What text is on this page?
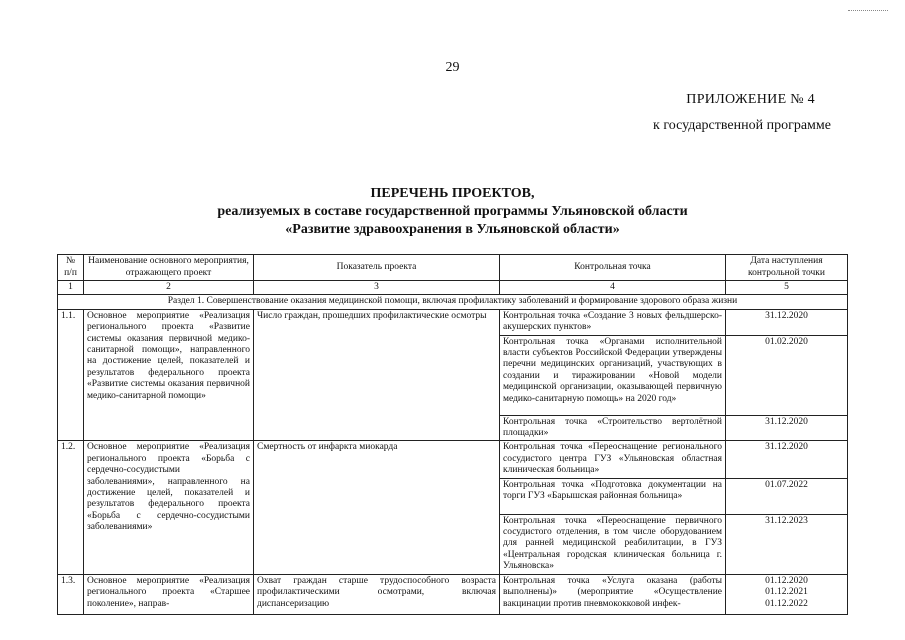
29
ПРИЛОЖЕНИЕ № 4
к государственной программе
ПЕРЕЧЕНЬ ПРОЕКТОВ,
реализуемых в составе государственной программы Ульяновской области
«Развитие здравоохранения в Ульяновской области»
№ п/п	Наименование основного мероприятия, отражающего проект	Показатель проекта	Контрольная точка	Дата наступления контрольной точки
1	2	3	4	5
Раздел 1. Совершенствование оказания медицинской помощи, включая профилактику заболеваний и формирование здорового образа жизни				
1.1.	Основное мероприятие «Реализация регионального проекта «Развитие системы оказания первичной медико-санитарной помощи», направленного на достижение целей, показателей и результатов федерального проекта «Развитие системы оказания первичной медико-санитарной помощи»	Число граждан, прошедших профилактические осмотры	Контрольная точка «Создание 3 новых фельдшерско-акушерских пунктов»	31.12.2020
			Контрольная точка «Органами исполнительной власти субъектов Российской Федерации утверждены перечни медицинских организаций, участвующих в создании и тиражировании «Новой модели медицинской организации, оказывающей первичную медико-санитарную помощь» на 2020 год»	01.02.2020
			Контрольная точка «Строительство вертолётной площадки»	31.12.2020
1.2.	Основное мероприятие «Реализация регионального проекта «Борьба с сердечно-сосудистыми заболеваниями», направленного на достижение целей, показателей и результатов федерального проекта «Борьба с сердечно-сосудистыми заболеваниями»	Смертность от инфаркта миокарда	Контрольная точка «Переоснащение регионального сосудистого центра ГУЗ «Ульяновская областная клиническая больница»	31.12.2020
			Контрольная точка «Подготовка документации на торги ГУЗ «Барышская районная больница»	01.07.2022
			Контрольная точка «Переоснащение первичного сосудистого отделения, в том числе оборудованием для ранней медицинской реабилитации, в ГУЗ «Центральная городская клиническая больница г. Ульяновска»	31.12.2023
1.3.	Основное мероприятие «Реализация регионального проекта «Старшее поколение», направ-	Охват граждан старше трудоспособного возраста профилактическими осмотрами, включая диспансеризацию	Контрольная точка «Услуга оказана (работы выполнены)» (мероприятие «Осуществление вакцинации против пневмококковой инфек-	01.12.2020
01.12.2021
01.12.2022
